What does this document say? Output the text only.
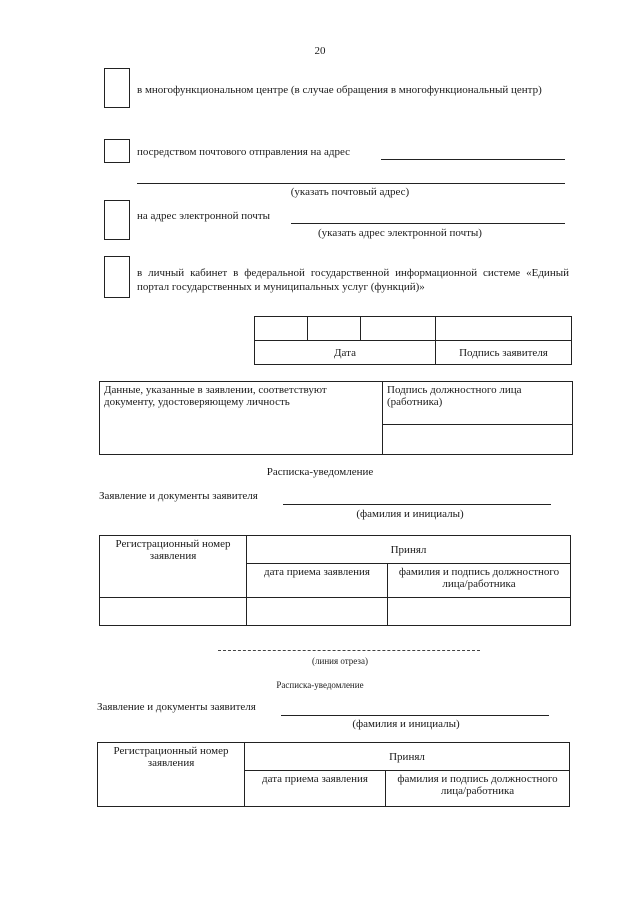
20
в многофункциональном центре (в случае обращения в многофункциональный центр)
посредством почтового отправления на адрес
(указать почтовый адрес)
на адрес электронной почты
(указать адрес электронной почты)
в личный кабинет в федеральной государственной информационной системе «Единый портал государственных и муниципальных услуг (функций)»

Дата			Подпись заявителя
Данные, указанные в заявлении, соответствуют документу, удостоверяющему личность	Подпись должностного лица (работника)

Расписка-уведомление
Заявление и документы заявителя
(фамилия и инициалы)
Регистрационный номер заявления	Принял	
	дата приема заявления	фамилия и подпись должностного лица/работника

(линия отреза)
Расписка-уведомление
Заявление и документы заявителя
(фамилия и инициалы)
Регистрационный номер заявления	Принял	
	дата приема заявления	фамилия и подпись должностного лица/работника
